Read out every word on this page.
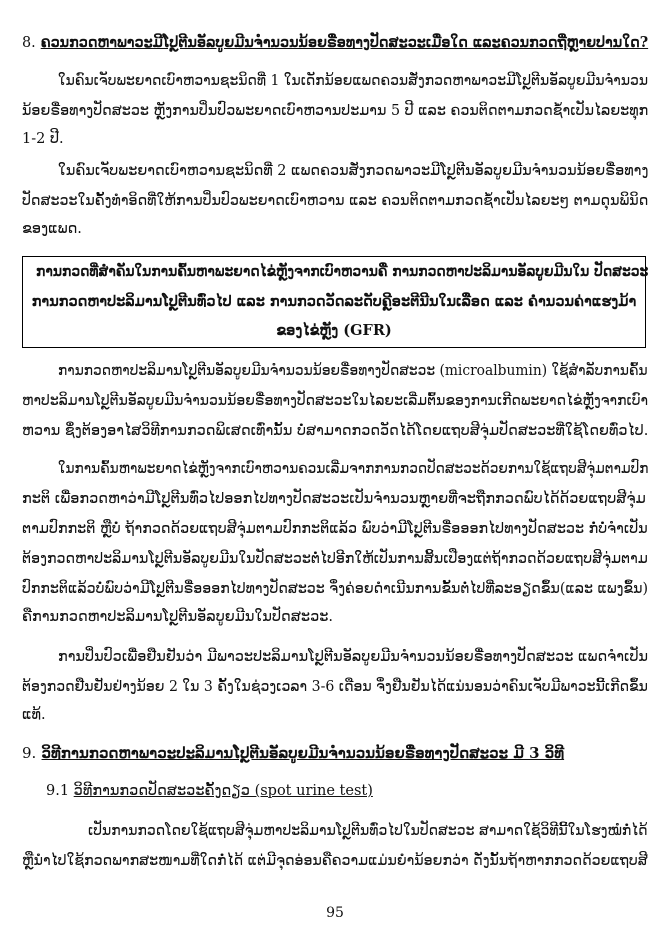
8. ຄວນກວດຫາພາວະມີໂປຼຕີນອັລບູຍມີນຈຳນວນນ້ອຍຣື່ອທາງປັດສະວະເມື່ອໃດ ແລະຄວນກວດຖີ່ຫຼາຍປານໃດ?
ໃນຄົນເຈັບພະຍາດເບົາຫວານຊະນິດທີ່ 1 ໃນເດັກນ້ອຍແພດຄວນສັ່ງກວດຫາພາວະມີໂປຼຕີນອັລບູຍມີນຈຳນວນ
ນ້ອຍຣື່ອທາງປັດສະວະ ຫຼັງການປິ່ນປົວພະຍາດເບົາຫວານປະມານ 5 ປີ ແລະ ຄວນຕິດຕາມກວດຊ້ຳເປັນໄລຍະທຸກ
1-2 ປີ.
ໃນຄົນເຈັບພະຍາດເບົາຫວານຊະນິດທີ່ 2 ແພດຄວນສັ່ງກວດພາວະມີໂປຼຕີນອັລບູຍມີນຈຳນວນນ້ອຍຣື່ອທາງ
ປັດສະວະໃນຄັ້ງທຳອິດທີ່ໃຫ້ການປິ່ນປົວພະຍາດເບົາຫວານ ແລະ ຄວນຕິດຕາມກວດຊ້ຳເປັນໄລຍະໆ ຕາມດຸນພິນິດ
ຂອງແພດ.
ການກວດທີ່ສຳຄັນໃນການຄົ້ນຫາພະຍາດໄຂ່ຫຼັງຈາກເບົາຫວານຄື ການກວດຫາປະລິມານອັລບູຍມີນໃນ ປັດສະວະ
ການກວດຫາປະລິມານໂປຼຕີນທົ່ວໄປ ແລະ ການກວດວັດລະດັບຄຼີອະຕີນີນໃນເລືອດ ແລະ ຄຳນວນຄ່າແຮງມ້າ
ຂອງໄຂ່ຫຼັງ (GFR)
ການກວດຫາປະລິມານໂປຼຕີນອັລບູຍມີນຈຳນວນນ້ອຍຣື່ອທາງປັດສະວະ (microalbumin) ໃຊ້ສຳລັບການຄົ້ນ
ຫາປະລິມານໂປຼຕີນອັລບູຍມີນຈຳນວນນ້ອຍຣື່ອທາງປັດສະວະໃນໄລຍະເລີ່ມຕົ້ນຂອງການເກີດພະຍາດໄຂ່ຫຼັງຈາກເບົາ
ຫວານ ຊຶ່ງຕ້ອງອາໄສວິທີການກວດພິເສດເທົ່ານັ້ນ ບໍ່ສາມາດກວດວັດໄດ້ໂດຍແຖບສີຈຸ່ມປັດສະວະທີ່ໃຊ້ໂດຍທົ່ວໄປ.
ໃນການຄົ້ນຫາພະຍາດໄຂ່ຫຼັງຈາກເບົາຫວານຄວນເລີ່ມຈາກການກວດປັດສະວະດ້ວຍການໃຊ້ແຖບສີຈຸ່ມຕາມປົກ
ກະຕິ ເພື່ອກວດຫາວ່າມີໂປຼຕີນທົ່ວໄປອອກໄປທາງປັດສະວະເປັນຈຳນວນຫຼາຍທີ່ຈະຖືກກວດພົບໄດ້ດ້ວຍແຖບສີຈຸ່ມ
ຕາມປົກກະຕິ ຫຼືບໍ່ ຖ້າກວດດ້ວຍແຖບສີຈຸ່ມຕາມປົກກະຕິແລ້ວ ພົບວ່າມີໂປຼຕີນຣື່ອອອກໄປທາງປັດສະວະ ກໍ່ບໍ່ຈຳເປັນ
ຕ້ອງກວດຫາປະລິມານໂປຼຕີນອັລບູຍມີນໃນປັດສະວະຕໍ່ໄປອີກໃຫ້ເປັນການສິ້ນເປືອງແຕ່ຖ້າກວດດ້ວຍແຖບສີຈຸ່ມຕາມ
ປົກກະຕິແລ້ວບໍ່ພົບວ່າມີໂປຼຕີນຣື່ອອອກໄປທາງປັດສະວະ ຈຶ່ງຄ່ອຍດຳເນີນການຂັ້ນຕໍ່ໄປທີ່ລະອຽດຂຶ້ນ(ແລະ ແພງຂຶ້ນ)
ຄືການກວດຫາປະລິມານໂປຼຕີນອັລບູຍມີນໃນປັດສະວະ.
ການປິ່ນປົວເພື່ອຢືນຢັນວ່າ ມີພາວະປະລິມານໂປຼຕີນອັລບູຍມີນຈຳນວນນ້ອຍຣື່ອທາງປັດສະວະ ແພດຈຳເປັນ
ຕ້ອງກວດຢືນຢັນຢ່າງນ້ອຍ 2 ໃນ 3 ຄັ້ງໃນຊ່ວງເວລາ 3-6 ເດືອນ ຈຶ່ງຢືນຢັນໄດ້ແນ່ນອນວ່າຄົນເຈັບມີພາວະນີ້ເກີດຂຶ້ນ
ແທ້.
9. ວິທີການກວດຫາພາວະປະລິມານໂປຼຕີນອັລບູຍມີນຈຳນວນນ້ອຍຣື່ອທາງປັດສະວະ ມີ 3 ວິທີ
9.1 ວິທີການກວດປັດສະວະຄັ້ງດຽວ (spot urine test)
ເປັນການກວດໂດຍໃຊ້ແຖບສີຈຸ່ມຫາປະລິມານໂປຼຕີນທົ່ວໄປໃນປັດສະວະ ສາມາດໃຊ້ວິທີນີ້ໃນໂຮງໝໍກໍ່ໄດ້
ຫຼືນຳໄປໃຊ້ກວດພາກສະໜາມທີ່ໃດກໍ່ໄດ້ ແຕ່ມີຈຸດອ່ອນຄືຄວາມແມ່ນຍຳນ້ອຍກວ່າ ດັ່ງນັ້ນຖ້າຫາກກວດດ້ວຍແຖບສີ
95
